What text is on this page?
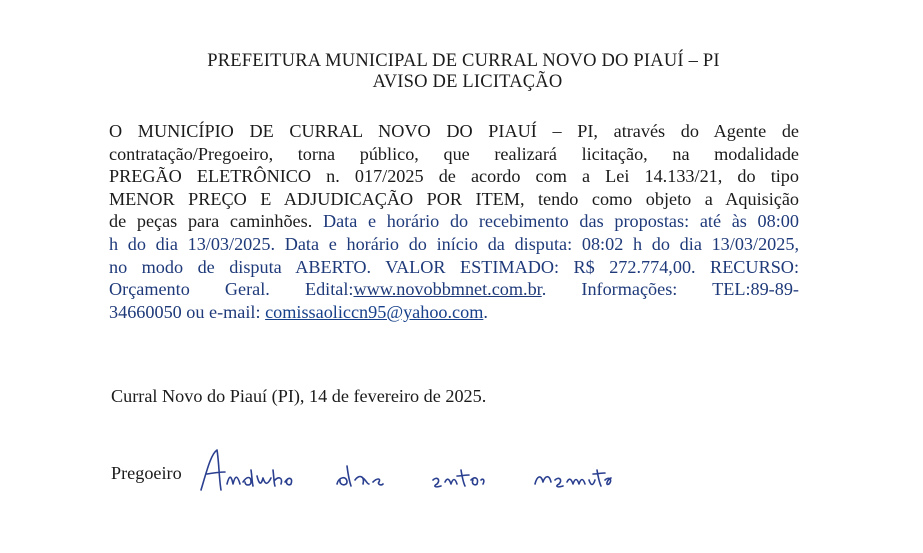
PREFEITURA MUNICIPAL DE CURRAL NOVO DO PIAUÍ – PI
AVISO DE LICITAÇÃO
O MUNICÍPIO DE CURRAL NOVO DO PIAUÍ – PI, através do Agente de
contratação/Pregoeiro, torna público, que realizará licitação, na modalidade
PREGÃO ELETRÔNICO n. 017/2025 de acordo com a Lei 14.133/21, do tipo
MENOR PREÇO E ADJUDICAÇÃO POR ITEM, tendo como objeto a Aquisição
de peças para caminhões. Data e horário do recebimento das propostas: até às 08:00
h do dia 13/03/2025. Data e horário do início da disputa: 08:02 h do dia 13/03/2025,
no modo de disputa ABERTO. VALOR ESTIMADO: R$ 272.774,00. RECURSO:
Orçamento Geral. Edital:www.novobbmnet.com.br. Informações: TEL:89-89-
34660050 ou e-mail: comissaoliccn95@yahoo.com.
Curral Novo do Piauí (PI), 14 de fevereiro de 2025.
Pregoeiro
